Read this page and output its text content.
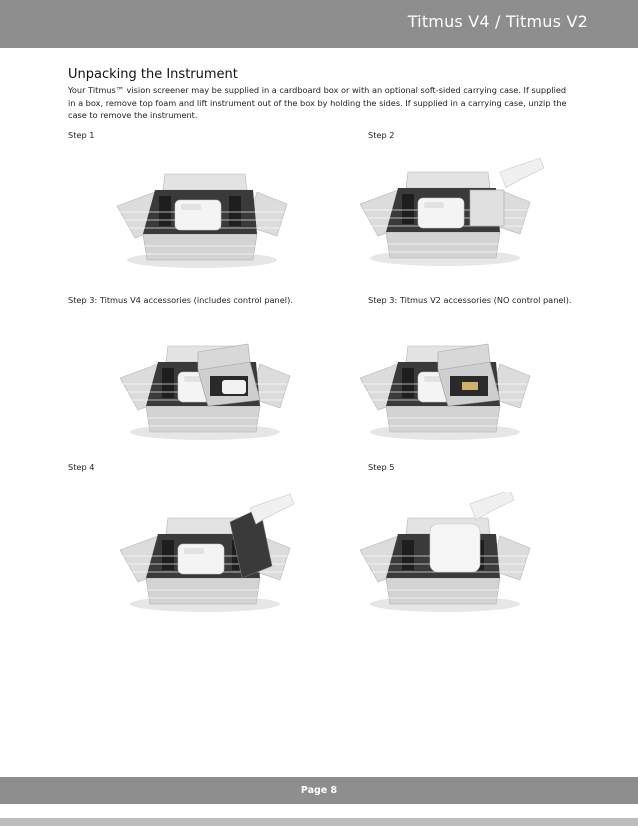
Titmus V4 / Titmus V2
Unpacking the Instrument
Your Titmus™ vision screener may be supplied in a cardboard box or with an optional soft-sided carrying case. If supplied in a box, remove top foam and lift instrument out of the box by holding the sides. If supplied in a carrying case, unzip the case to remove the instrument.
Step 1	Step 2
Step 3: Titmus V4 accessories (includes control panel).	Step 3: Titmus V2 accessories (NO control panel).
Step 4	Step 5
Page 8
